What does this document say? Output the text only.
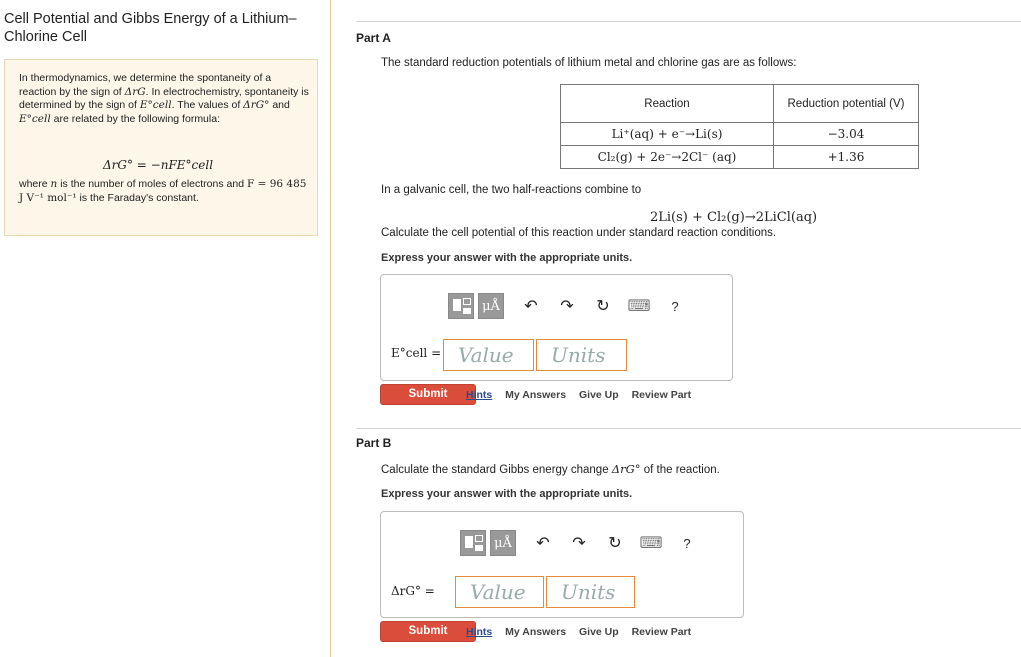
Cell Potential and Gibbs Energy of a Lithium–Chlorine Cell
In thermodynamics, we determine the spontaneity of a reaction by the sign of ΔrG. In electrochemistry, spontaneity is determined by the sign of E°cell. The values of ΔrG° and E°cell are related by the following formula:
ΔrG° = −nFE°cell
where n is the number of moles of electrons and F = 96 485 J V⁻¹ mol⁻¹ is the Faraday's constant.
Part A
The standard reduction potentials of lithium metal and chlorine gas are as follows:
Reaction	Reduction potential (V)
Li⁺(aq) + e⁻→Li(s)	−3.04
Cl₂(g) + 2e⁻→2Cl⁻ (aq)	+1.36
In a galvanic cell, the two half-reactions combine to
2Li(s) + Cl₂(g)→2LiCl(aq)
Calculate the cell potential of this reaction under standard reaction conditions.
Express your answer with the appropriate units.
μÅ	↶	↷	↻	⌨	?
E°cell = Value	Units
Submit	Hints My Answers Give Up Review Part
Part B
Calculate the standard Gibbs energy change ΔrG° of the reaction.
Express your answer with the appropriate units.
μÅ	↶	↷	↻	⌨	?
ΔrG° =	Value	Units
Submit	Hints My Answers Give Up Review Part
